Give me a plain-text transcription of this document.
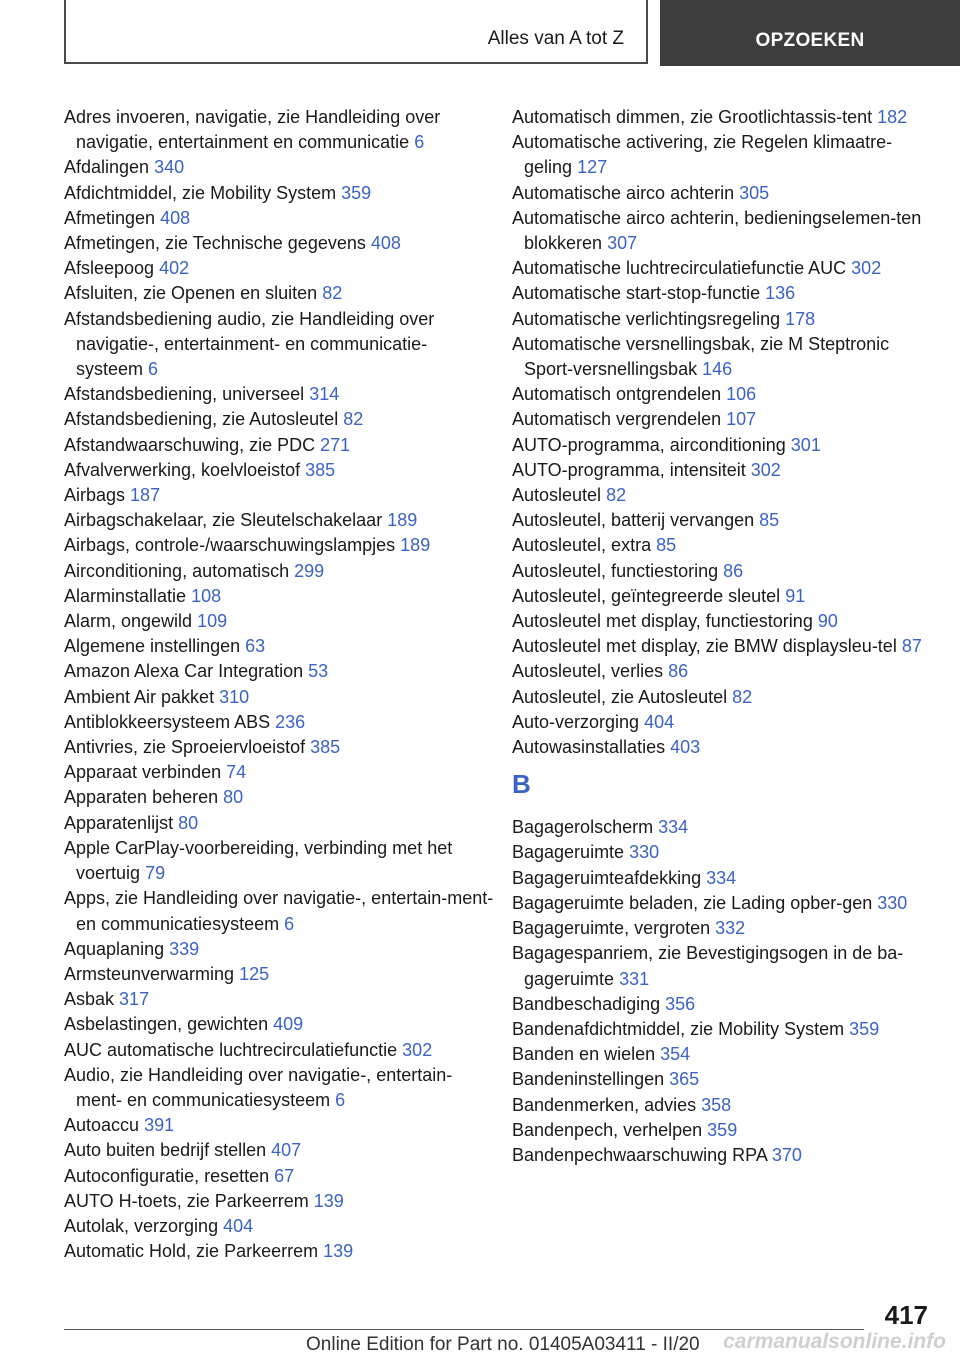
Alles van A tot Z	OPZOEKEN
Adres invoeren, navigatie, zie Handleiding over navigatie, entertainment en communicatie 6
Afdalingen 340
Afdichtmiddel, zie Mobility System 359
Afmetingen 408
Afmetingen, zie Technische gegevens 408
Afsleepoog 402
Afsluiten, zie Openen en sluiten 82
Afstandsbediening audio, zie Handleiding over navigatie-, entertainment- en communicatie-systeem 6
Afstandsbediening, universeel 314
Afstandsbediening, zie Autosleutel 82
Afstandwaarschuwing, zie PDC 271
Afvalverwerking, koelvloeistof 385
Airbags 187
Airbagschakelaar, zie Sleutelschakelaar 189
Airbags, controle-/waarschuwingslampjes 189
Airconditioning, automatisch 299
Alarminstallatie 108
Alarm, ongewild 109
Algemene instellingen 63
Amazon Alexa Car Integration 53
Ambient Air pakket 310
Antiblokkeersysteem ABS 236
Antivries, zie Sproeiervloeistof 385
Apparaat verbinden 74
Apparaten beheren 80
Apparatenlijst 80
Apple CarPlay-voorbereiding, verbinding met het voertuig 79
Apps, zie Handleiding over navigatie-, entertain-ment- en communicatiesysteem 6
Aquaplaning 339
Armsteunverwarming 125
Asbak 317
Asbelastingen, gewichten 409
AUC automatische luchtrecirculatiefunctie 302
Audio, zie Handleiding over navigatie-, entertain-ment- en communicatiesysteem 6
Autoaccu 391
Auto buiten bedrijf stellen 407
Autoconfiguratie, resetten 67
AUTO H-toets, zie Parkeerrem 139
Autolak, verzorging 404
Automatic Hold, zie Parkeerrem 139
Automatisch dimmen, zie Grootlichtassis-tent 182
Automatische activering, zie Regelen klimaatre-geling 127
Automatische airco achterin 305
Automatische airco achterin, bedieningselemen-ten blokkeren 307
Automatische luchtrecirculatiefunctie AUC 302
Automatische start-stop-functie 136
Automatische verlichtingsregeling 178
Automatische versnellingsbak, zie M Steptronic Sport-versnellingsbak 146
Automatisch ontgrendelen 106
Automatisch vergrendelen 107
AUTO-programma, airconditioning 301
AUTO-programma, intensiteit 302
Autosleutel 82
Autosleutel, batterij vervangen 85
Autosleutel, extra 85
Autosleutel, functiestoring 86
Autosleutel, geïntegreerde sleutel 91
Autosleutel met display, functiestoring 90
Autosleutel met display, zie BMW displaysleu-tel 87
Autosleutel, verlies 86
Autosleutel, zie Autosleutel 82
Auto-verzorging 404
Autowasinstallaties 403
B
Bagagerolscherm 334
Bagageruimte 330
Bagageruimteafdekking 334
Bagageruimte beladen, zie Lading opber-gen 330
Bagageruimte, vergroten 332
Bagagespanriem, zie Bevestigingsogen in de ba-gageruimte 331
Bandbeschadiging 356
Bandenafdichtmiddel, zie Mobility System 359
Banden en wielen 354
Bandeninstellingen 365
Bandenmerken, advies 358
Bandenpech, verhelpen 359
Bandenpechwaarschuwing RPA 370
417
Online Edition for Part no. 01405A03411 - II/20 carmanualsonline.info
